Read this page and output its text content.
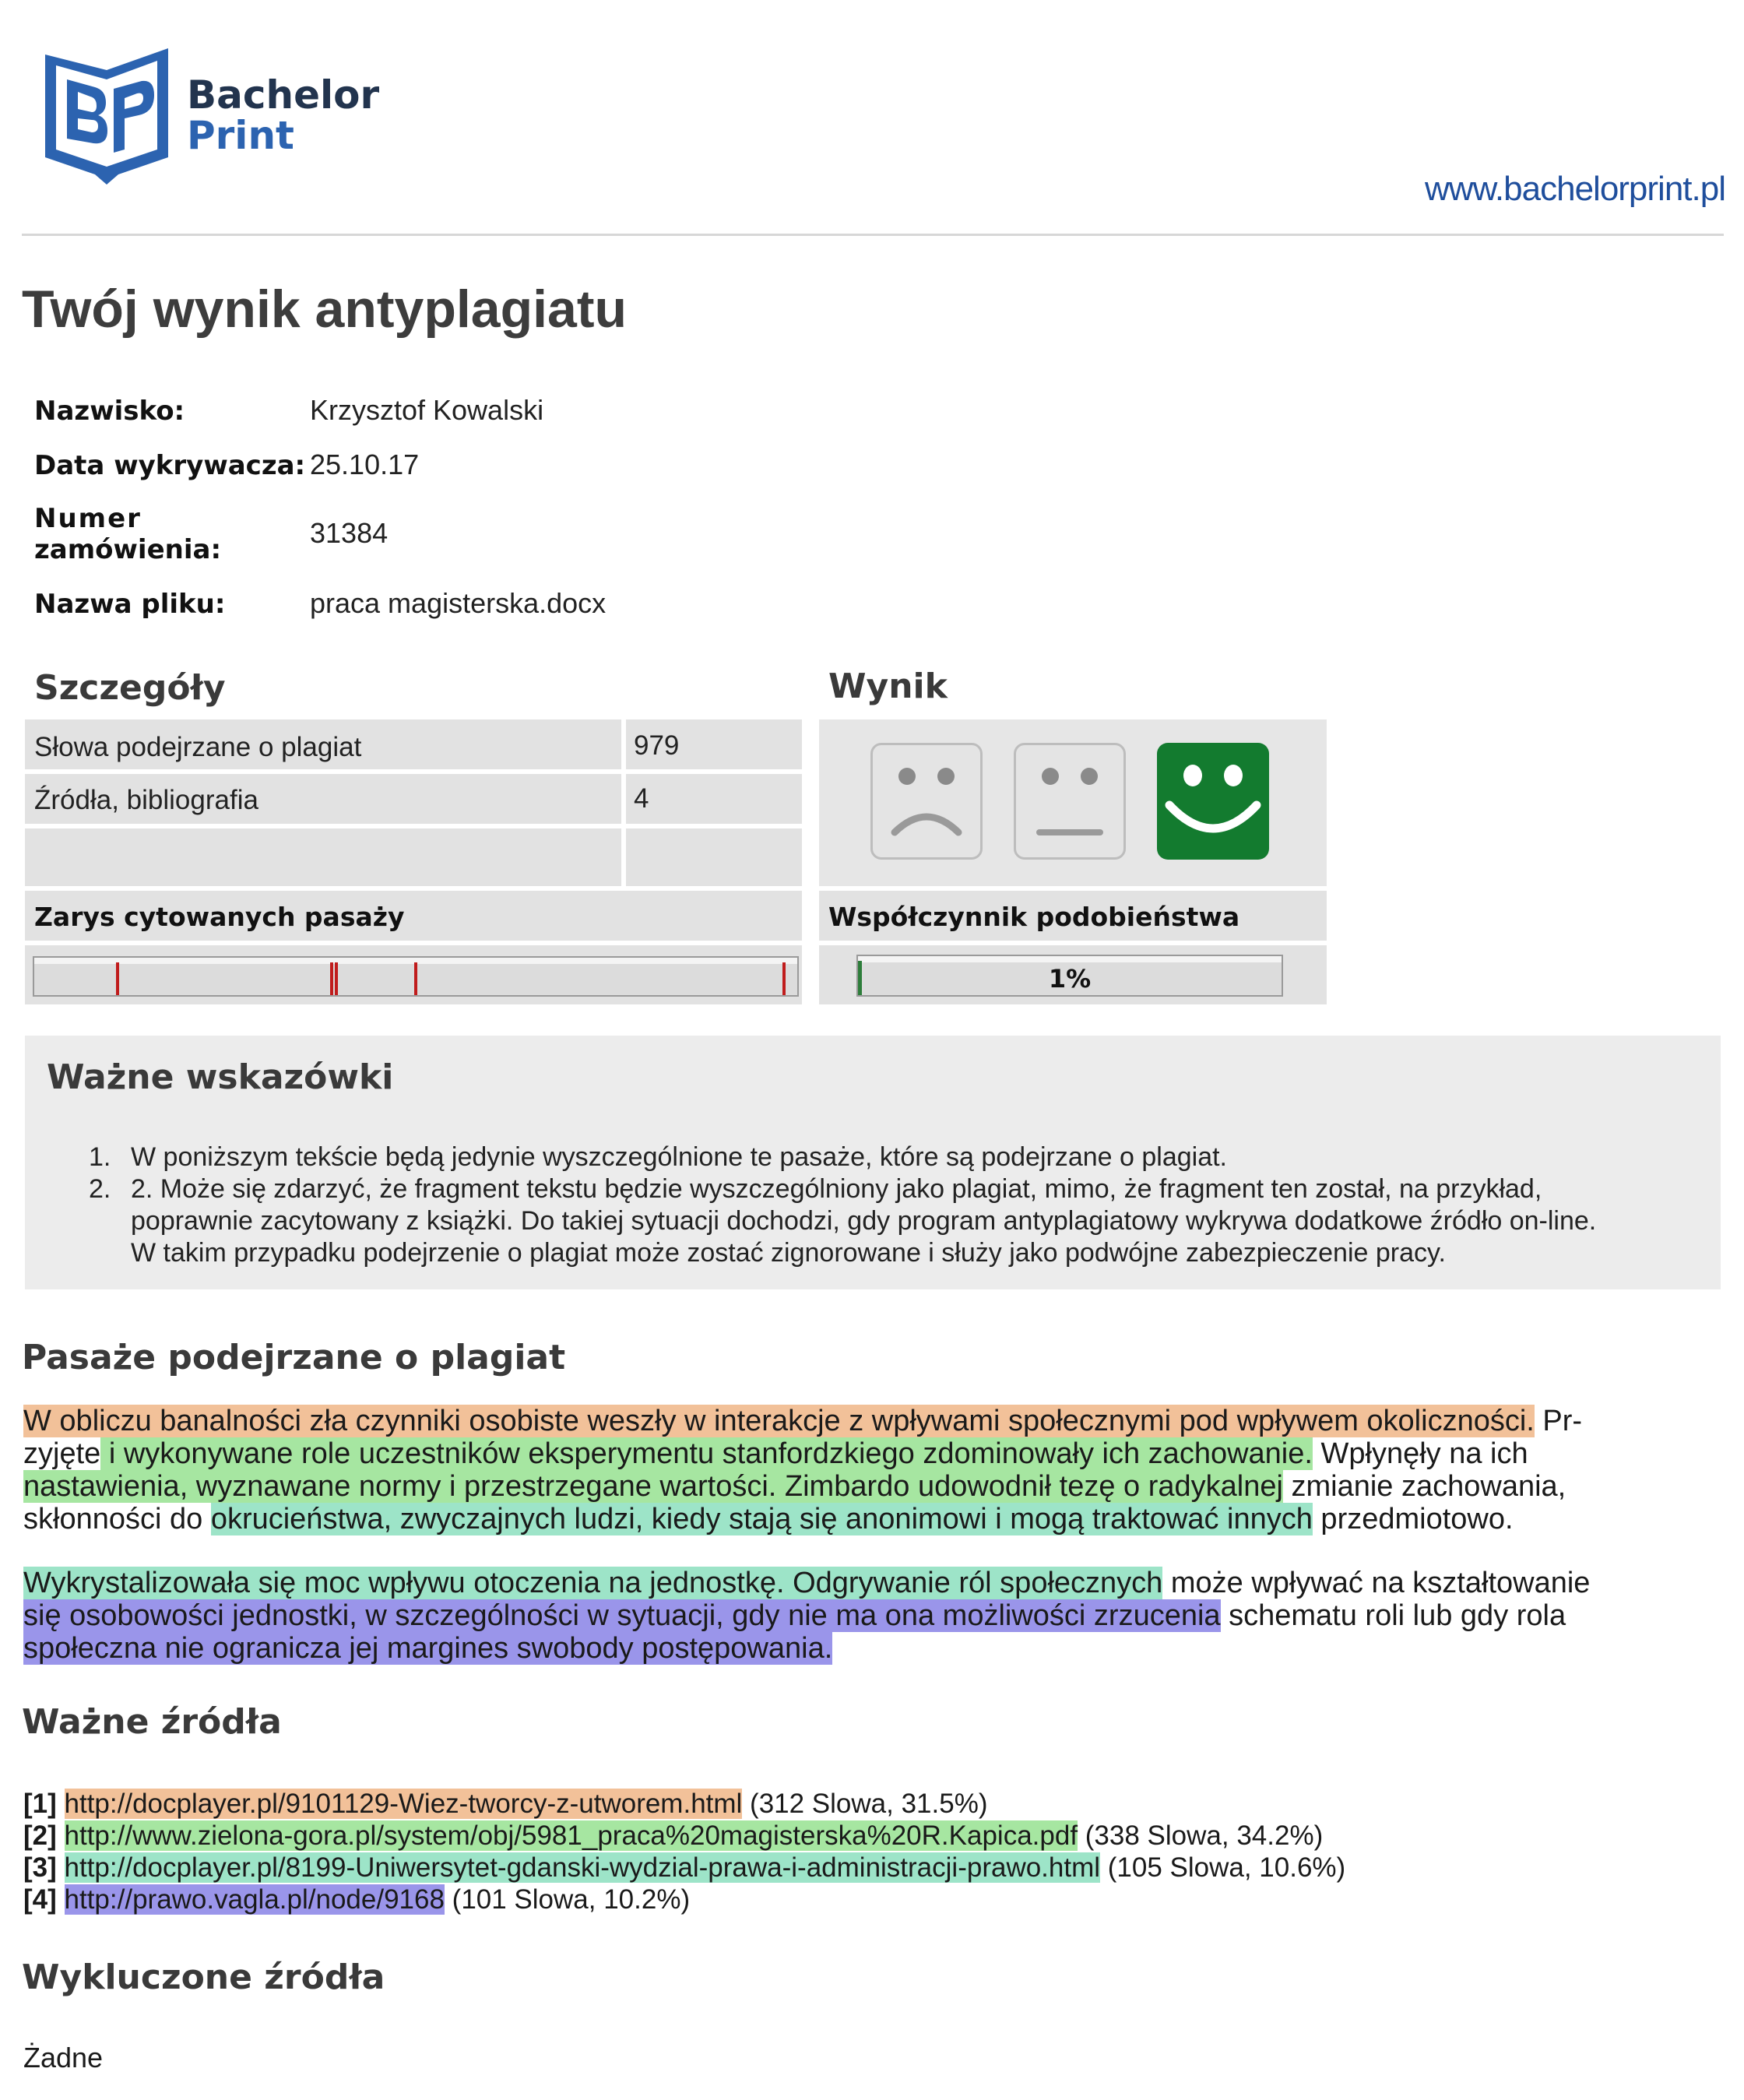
Bachelor
Print
www.bachelorprint.pl
Twój wynik antyplagiatu
Nazwisko:	Krzysztof Kowalski
Data wykrywacza: 25.10.17
Numer
zamówienia:
31384
Nazwa pliku:	praca magisterska.docx
Szczegóły
Słowa podejrzane o plagiat	979
Źródła, bibliografia	4
Zarys cytowanych pasaży
Wynik
Współczynnik podobieństwa
1%
Ważne wskazówki
1. W poniższym tekście będą jedynie wyszczególnione te pasaże, które są podejrzane o plagiat.
2. 2. Może się zdarzyć, że fragment tekstu będzie wyszczególniony jako plagiat, mimo, że fragment ten został, na przykład,
poprawnie zacytowany z książki. Do takiej sytuacji dochodzi, gdy program antyplagiatowy wykrywa dodatkowe źródło on-line.
W takim przypadku podejrzenie o plagiat może zostać zignorowane i służy jako podwójne zabezpieczenie pracy.
Pasaże podejrzane o plagiat
W obliczu banalności zła czynniki osobiste weszły w interakcje z wpływami społecznymi pod wpływem okoliczności. Pr-
zyjęte i wykonywane role uczestników eksperymentu stanfordzkiego zdominowały ich zachowanie. Wpłynęły na ich
nastawienia, wyznawane normy i przestrzegane wartości. Zimbardo udowodnił tezę o radykalnej zmianie zachowania,
skłonności do okrucieństwa, zwyczajnych ludzi, kiedy stają się anonimowi i mogą traktować innych przedmiotowo.
Wykrystalizowała się moc wpływu otoczenia na jednostkę. Odgrywanie ról społecznych może wpływać na kształtowanie
się osobowości jednostki, w szczególności w sytuacji, gdy nie ma ona możliwości zrzucenia schematu roli lub gdy rola
społeczna nie ogranicza jej margines swobody postępowania.
Ważne źródła
[1] http://docplayer.pl/9101129-Wiez-tworcy-z-utworem.html (312 Slowa, 31.5%)
[2] http://www.zielona-gora.pl/system/obj/5981_praca%20magisterska%20R.Kapica.pdf (338 Slowa, 34.2%)
[3] http://docplayer.pl/8199-Uniwersytet-gdanski-wydzial-prawa-i-administracji-prawo.html (105 Slowa, 10.6%)
[4] http://prawo.vagla.pl/node/9168 (101 Slowa, 10.2%)
Wykluczone źródła
Żadne
